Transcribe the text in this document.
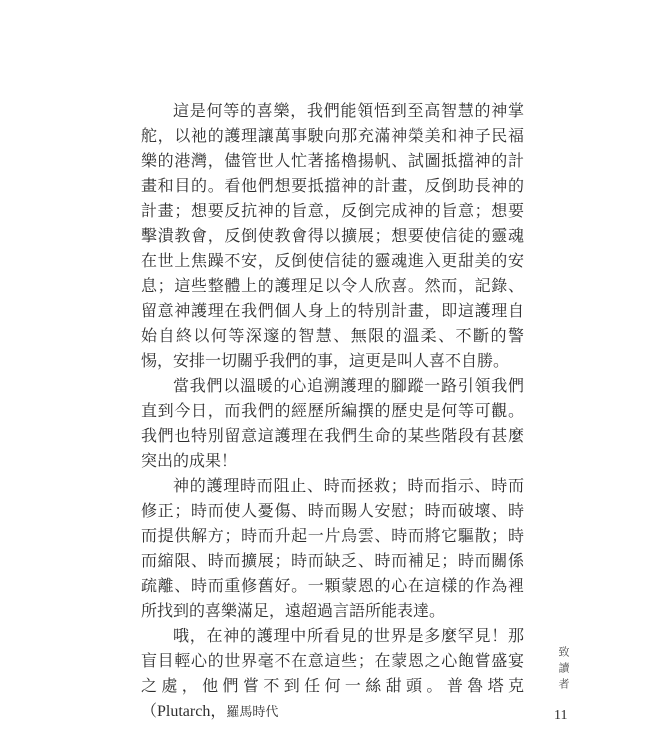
這是何等的喜樂，我們能領悟到至高智慧的神掌舵，以祂的護理讓萬事駛向那充滿神榮美和神子民福樂的港灣，儘管世人忙著搖櫓揚帆、試圖抵擋神的計畫和目的。看他們想要抵擋神的計畫，反倒助長神的計畫；想要反抗神的旨意，反倒完成神的旨意；想要擊潰教會，反倒使教會得以擴展；想要使信徒的靈魂在世上焦躁不安，反倒使信徒的靈魂進入更甜美的安息；這些整體上的護理足以令人欣喜。然而，記錄、留意神護理在我們個人身上的特別計畫，即這護理自始自終以何等深邃的智慧、無限的溫柔、不斷的警惕，安排一切關乎我們的事，這更是叫人喜不自勝。

當我們以溫暖的心追溯護理的腳蹤一路引領我們直到今日，而我們的經歷所編撰的歷史是何等可觀。我們也特別留意這護理在我們生命的某些階段有甚麼突出的成果！

神的護理時而阻止、時而拯救；時而指示、時而修正；時而使人憂傷、時而賜人安慰；時而破壞、時而提供解方；時而升起一片烏雲、時而將它驅散；時而縮限、時而擴展；時而缺乏、時而補足；時而關係疏離、時而重修舊好。一顆蒙恩的心在這樣的作為裡所找到的喜樂滿足，遠超過言語所能表達。

哦，在神的護理中所看見的世界是多麼罕見！那盲目輕心的世界毫不在意這些；在蒙恩之心飽嘗盛宴之處，他們嘗不到任何一絲甜頭。普魯塔克（Plutarch，羅馬時代

致讀者
11
